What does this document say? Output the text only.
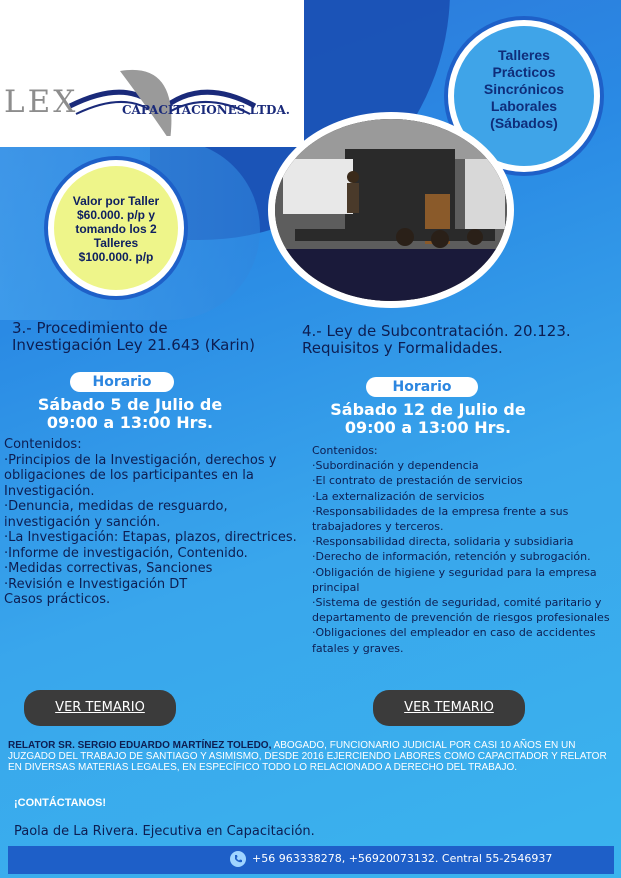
LEX	CAPACITACIONES LTDA.
Talleres
Prácticos
Sincrónicos
Laborales
(Sábados)
Valor por Taller
$60.000. p/p y
tomando los 2
Talleres
$100.000. p/p
3.- Procedimiento de
Investigación Ley 21.643 (Karin)
Horario
Sábado 5 de Julio de
09:00 a 13:00 Hrs.
Contenidos:
·Principios de la Investigación, derechos y obligaciones de los participantes en la Investigación.
·Denuncia, medidas de resguardo, investigación y sanción.
·La Investigación: Etapas, plazos, directrices.
·Informe de investigación, Contenido.
·Medidas correctivas, Sanciones
·Revisión e Investigación DT
Casos prácticos.
VER TEMARIO
4.- Ley de Subcontratación. 20.123.
Requisitos y Formalidades.
Horario
Sábado 12 de Julio de
09:00 a 13:00 Hrs.
Contenidos:
·Subordinación y dependencia
·El contrato de prestación de servicios
·La externalización de servicios
·Responsabilidades de la empresa frente a sus trabajadores y terceros.
·Responsabilidad directa, solidaria y subsidiaria
·Derecho de información, retención y subrogación.
·Obligación de higiene y seguridad para la empresa principal
·Sistema de gestión de seguridad, comité paritario y departamento de prevención de riesgos profesionales
·Obligaciones del empleador en caso de accidentes fatales y graves.
VER TEMARIO
RELATOR SR. SERGIO EDUARDO MARTÍNEZ TOLEDO, ABOGADO, FUNCIONARIO JUDICIAL POR CASI 10 AÑOS EN UN JUZGADO DEL TRABAJO DE SANTIAGO Y ASIMISMO, DESDE 2016 EJERCIENDO LABORES COMO CAPACITADOR Y RELATOR EN DIVERSAS MATERIAS LEGALES, EN ESPECÍFICO TODO LO RELACIONADO A DERECHO DEL TRABAJO.
¡CONTÁCTANOS!
Paola de La Rivera. Ejecutiva en Capacitación.
+56 963338278, +56920073132. Central 55-2546937
